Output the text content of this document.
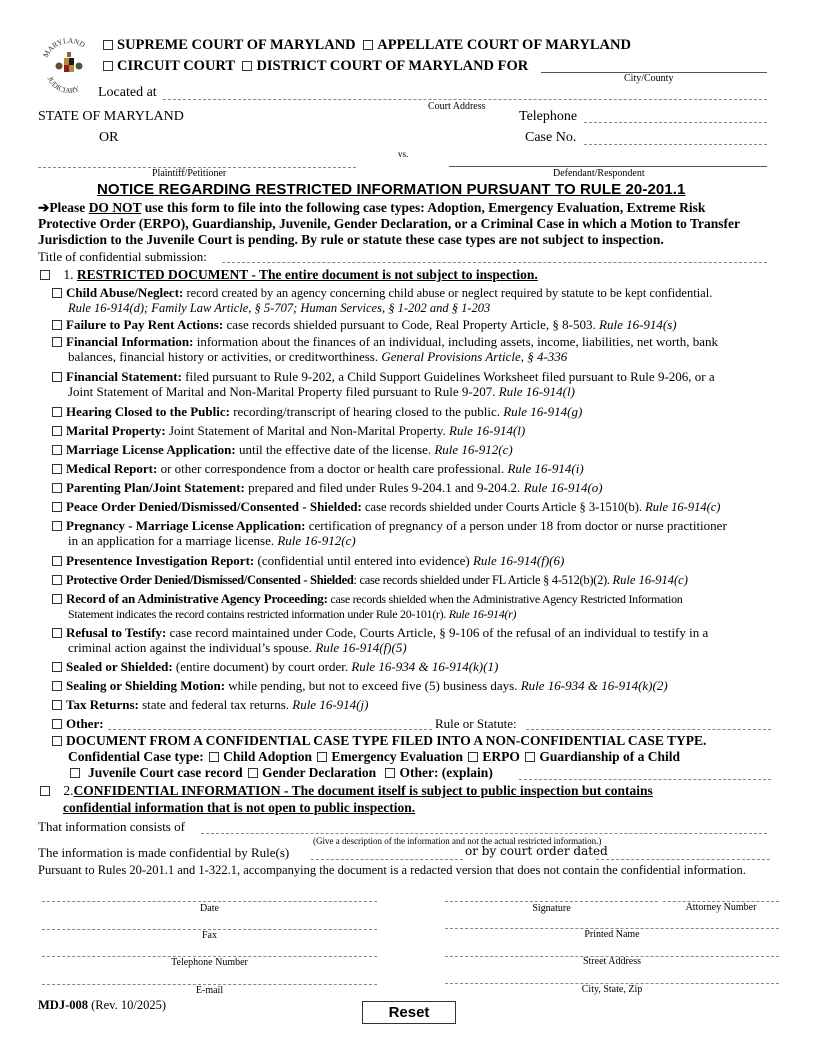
MARYLAND
JUDICIARY
SUPREME COURT OF MARYLAND APPELLATE COURT OF MARYLAND
CIRCUIT COURT DISTRICT COURT OF MARYLAND FOR
City/County
Located at
Court Address
STATE OF MARYLAND
OR
Telephone
Case No.
vs.
Plaintiff/Petitioner	Defendant/Respondent
NOTICE REGARDING RESTRICTED INFORMATION PURSUANT TO RULE 20-201.1
➔Please DO NOT use this form to file into the following case types: Adoption, Emergency Evaluation, Extreme Risk
Protective Order (ERPO), Guardianship, Juvenile, Gender Declaration, or a Criminal Case in which a Motion to Transfer
Jurisdiction to the Juvenile Court is pending. By rule or statute these case types are not subject to inspection.
Title of confidential submission:
1. RESTRICTED DOCUMENT - The entire document is not subject to inspection.
Child Abuse/Neglect: record created by an agency concerning child abuse or neglect required by statute to be kept confidential.
Rule 16-914(d); Family Law Article, § 5-707; Human Services, § 1-202 and § 1-203
Failure to Pay Rent Actions: case records shielded pursuant to Code, Real Property Article, § 8-503. Rule 16-914(s)
Financial Information: information about the finances of an individual, including assets, income, liabilities, net worth, bank
balances, financial history or activities, or creditworthiness. General Provisions Article, § 4-336
Financial Statement: filed pursuant to Rule 9-202, a Child Support Guidelines Worksheet filed pursuant to Rule 9-206, or a
Joint Statement of Marital and Non-Marital Property filed pursuant to Rule 9-207. Rule 16-914(l)
Hearing Closed to the Public: recording/transcript of hearing closed to the public. Rule 16-914(g)
Marital Property: Joint Statement of Marital and Non-Marital Property. Rule 16-914(l)
Marriage License Application: until the effective date of the license. Rule 16-912(c)
Medical Report: or other correspondence from a doctor or health care professional. Rule 16-914(i)
Parenting Plan/Joint Statement: prepared and filed under Rules 9-204.1 and 9-204.2. Rule 16-914(o)
Peace Order Denied/Dismissed/Consented - Shielded: case records shielded under Courts Article § 3-1510(b). Rule 16-914(c)
Pregnancy - Marriage License Application: certification of pregnancy of a person under 18 from doctor or nurse practitioner
in an application for a marriage license. Rule 16-912(c)
Presentence Investigation Report: (confidential until entered into evidence) Rule 16-914(f)(6)
Protective Order Denied/Dismissed/Consented - Shielded: case records shielded under FL Article § 4-512(b)(2). Rule 16-914(c)
Record of an Administrative Agency Proceeding: case records shielded when the Administrative Agency Restricted Information
Statement indicates the record contains restricted information under Rule 20-101(r). Rule 16-914(r)
Refusal to Testify: case record maintained under Code, Courts Article, § 9-106 of the refusal of an individual to testify in a
criminal action against the individual’s spouse. Rule 16-914(f)(5)
Sealed or Shielded: (entire document) by court order. Rule 16-934 & 16-914(k)(1)
Sealing or Shielding Motion: while pending, but not to exceed five (5) business days. Rule 16-934 & 16-914(k)(2)
Tax Returns: state and federal tax returns. Rule 16-914(j)
Other:	Rule or Statute:
DOCUMENT FROM A CONFIDENTIAL CASE TYPE FILED INTO A NON-CONFIDENTIAL CASE TYPE.
Confidential Case type: Child Adoption Emergency Evaluation ERPO Guardianship of a Child
Juvenile Court case record Gender Declaration Other: (explain)
2.CONFIDENTIAL INFORMATION - The document itself is subject to public inspection but contains
confidential information that is not open to public inspection.
That information consists of
(Give a description of the information and not the actual restricted information.)
The information is made confidential by Rule(s)	or by court order dated
Pursuant to Rules 20-201.1 and 1-322.1, accompanying the document is a redacted version that does not contain the confidential information.
Date
Fax
Telephone Number
E-mail
Signature	Attorney Number
Printed Name
Street Address
City, State, Zip
MDJ-008 (Rev. 10/2025)	Reset
